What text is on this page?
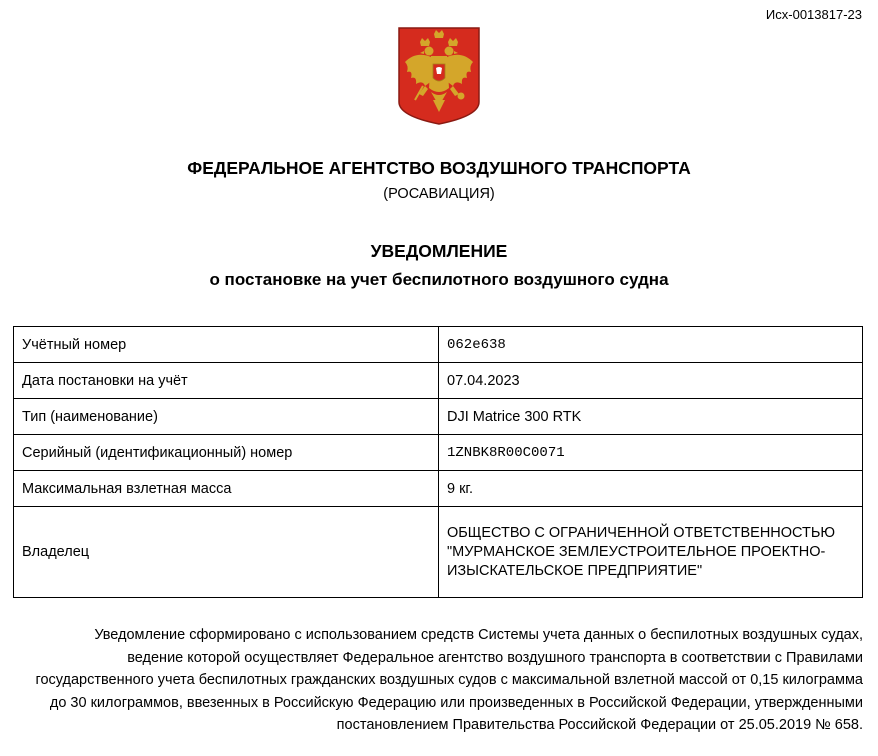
Исх-0013817-23
ФЕДЕРАЛЬНОЕ АГЕНТСТВО ВОЗДУШНОГО ТРАНСПОРТА
(РОСАВИАЦИЯ)
УВЕДОМЛЕНИЕ
о постановке на учет беспилотного воздушного судна
Учётный номер	062e638
Дата постановки на учёт	07.04.2023
Тип (наименование)	DJI Matrice 300 RTK
Серийный (идентификационный) номер	1ZNBK8R00C0071
Максимальная взлетная масса	9 кг.
Владелец	ОБЩЕСТВО С ОГРАНИЧЕННОЙ ОТВЕТСТВЕННОСТЬЮ "МУРМАНСКОЕ ЗЕМЛЕУСТРОИТЕЛЬНОЕ ПРОЕКТНО-ИЗЫСКАТЕЛЬСКОЕ ПРЕДПРИЯТИЕ"
Уведомление сформировано с использованием средств Системы учета данных о беспилотных воздушных судах, ведение которой осуществляет Федеральное агентство воздушного транспорта в соответствии с Правилами государственного учета беспилотных гражданских воздушных судов с максимальной взлетной массой от 0,15 килограмма до 30 килограммов, ввезенных в Российскую Федерацию или произведенных в Российской Федерации, утвержденными постановлением Правительства Российской Федерации от 25.05.2019 № 658.
